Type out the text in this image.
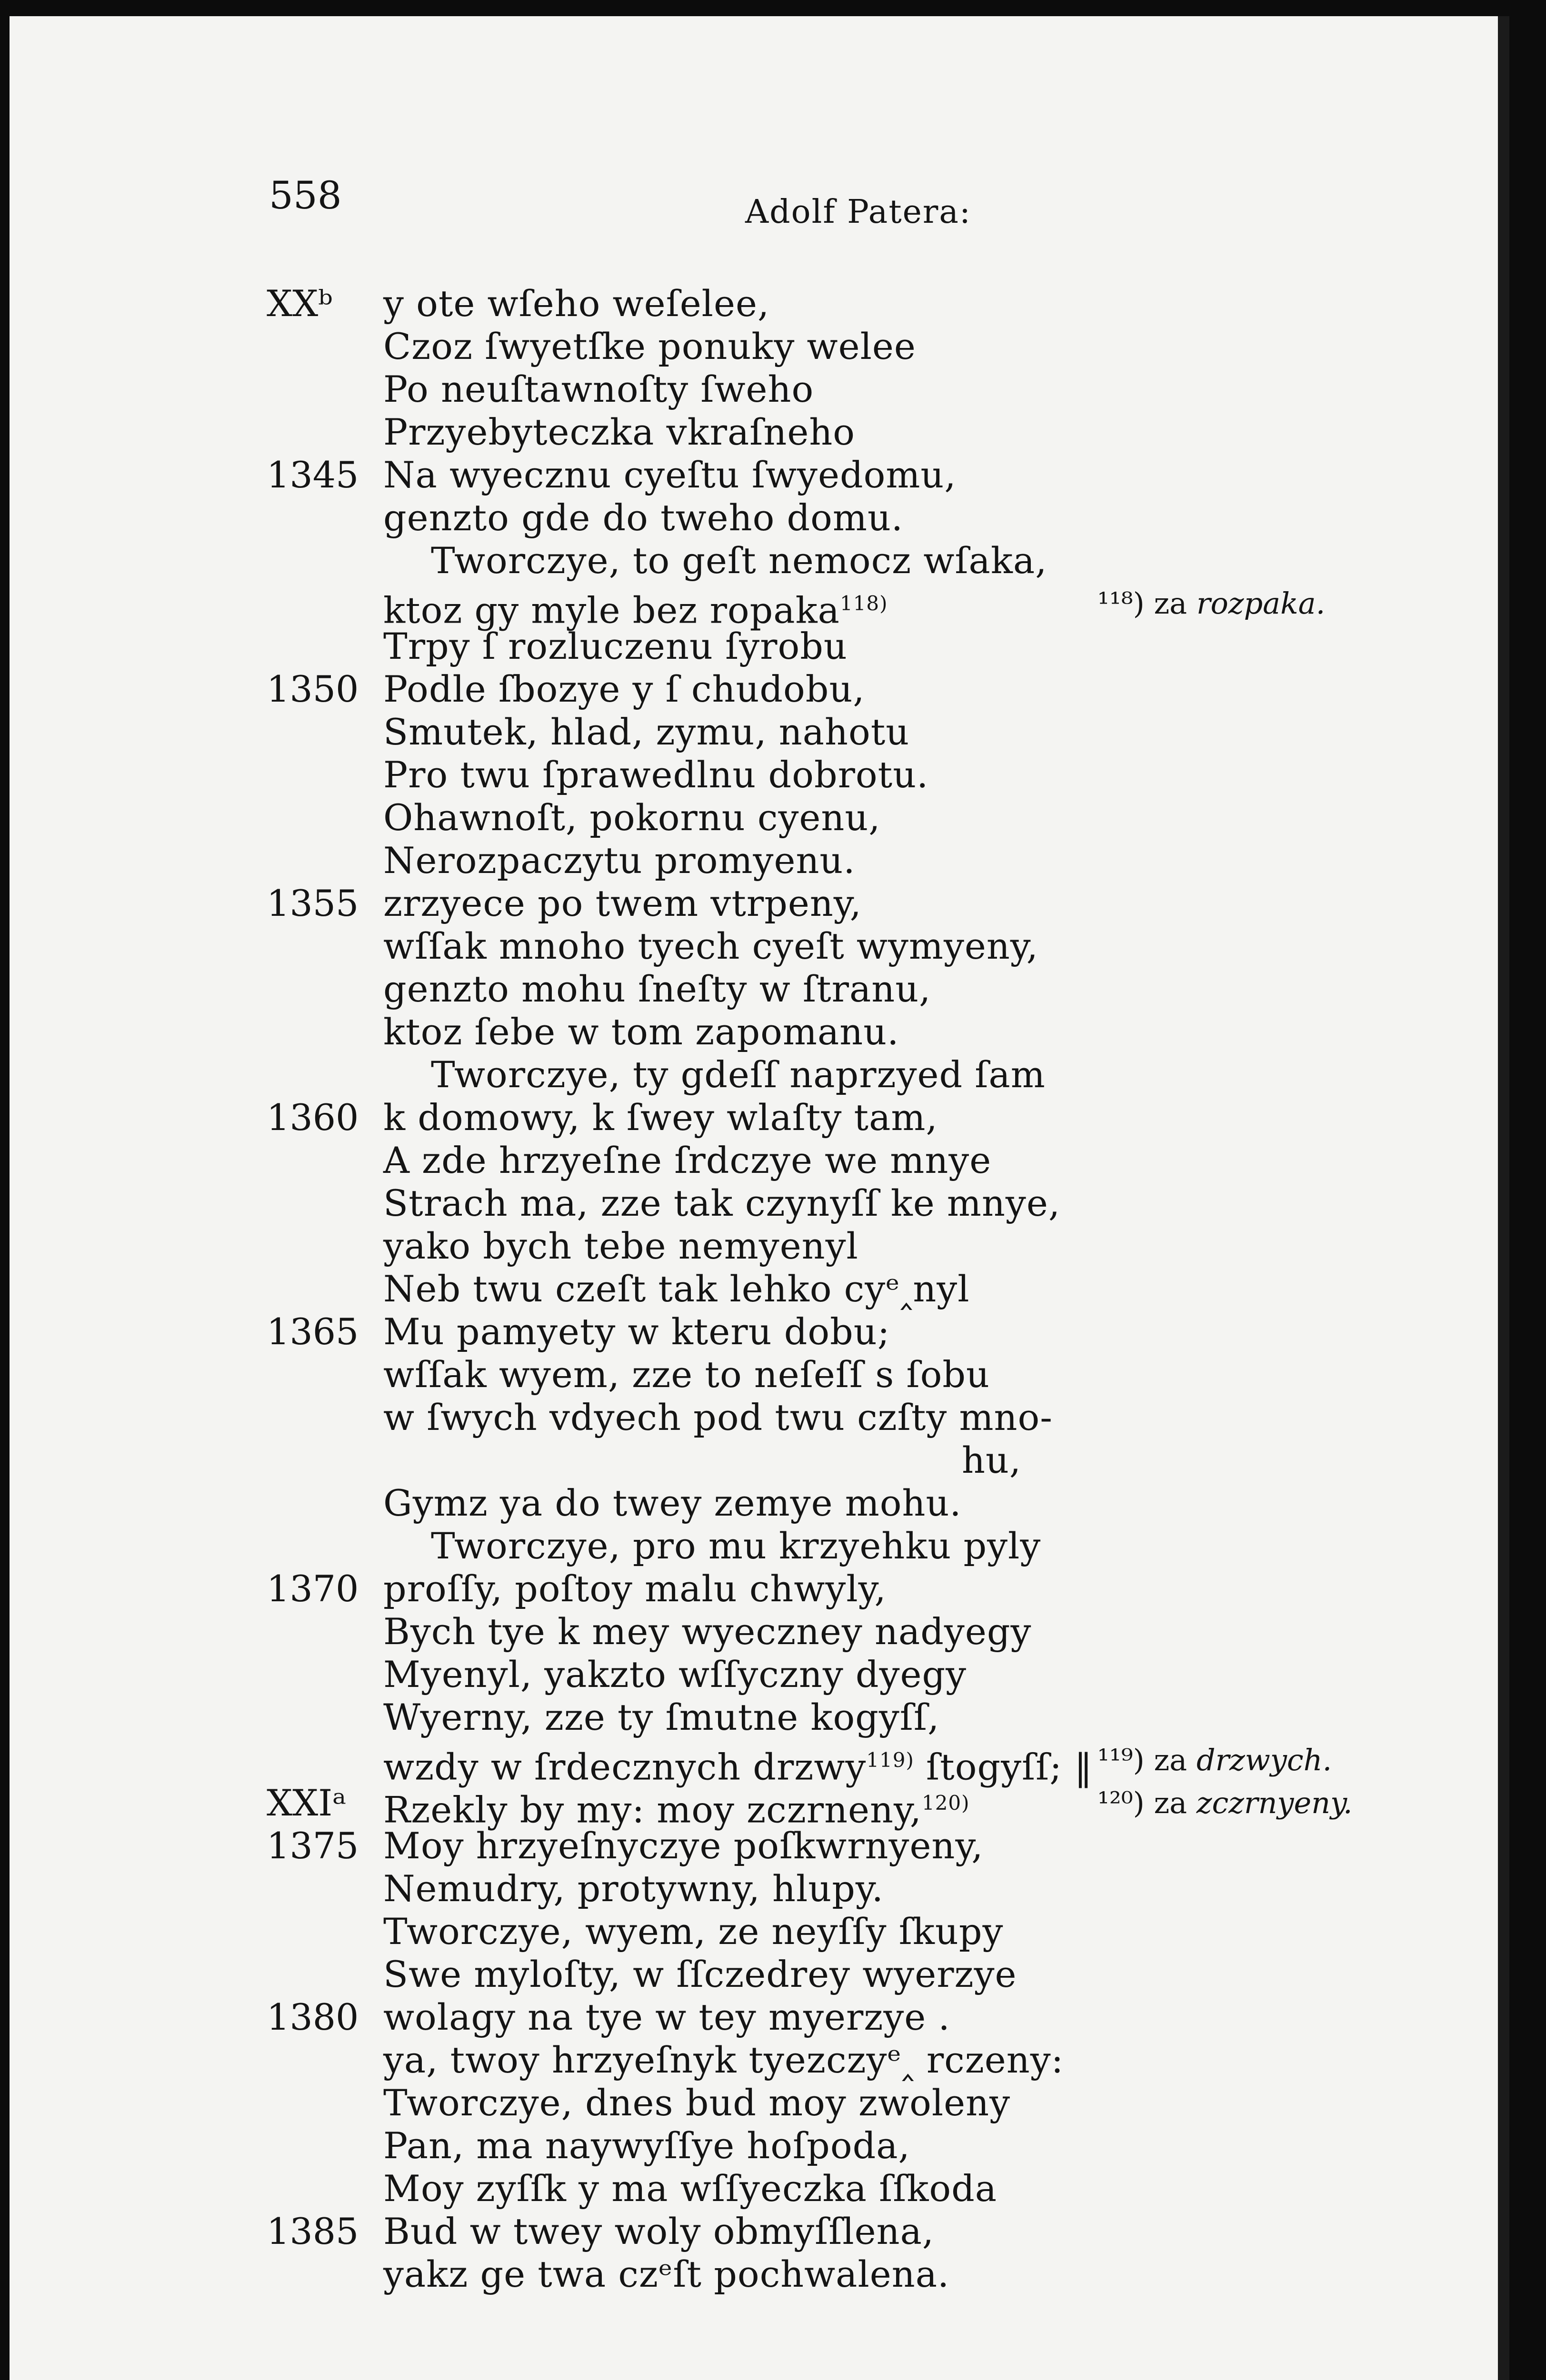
558	Adolf Patera:
XXᵇ y ote wſeho weſelee,
Czoz ſwyetſke ponuky welee
Po neuſtawnoſty ſweho
Przyebyteczka vkraſneho
1345 Na wyecznu cyeſtu ſwyedomu,
genzto gde do tweho domu.
Tworczye, to geſt nemocz wſaka,
ktoz gy myle bez ropaka$^{118)}$
Trpy ſ rozluczenu ſyrobu
1350 Podle ſbozye y ſ chudobu,
Smutek, hlad, zymu, nahotu
Pro twu ſprawedlnu dobrotu.
Ohawnoſt, pokornu cyenu,
Nerozpaczytu promyenu.
1355 zrzyece po twem vtrpeny,
wſſak mnoho tyech cyeſt wymyeny,
genzto mohu ſneſty w ſtranu,
ktoz ſebe w tom zapomanu.
Tworczye, ty gdeſſ naprzyed ſam
1360 k domowy, k ſwey wlaſty tam,
A zde hrzyeſne ſrdczye we mnye
Strach ma, zze tak czynyſſ ke mnye,
yako bych tebe nemyenyl
Neb twu czeſt tak lehko cyᵉ‸nyl
1365 Mu pamyety w kteru dobu;
wſſak wyem, zze to neſeſſ s ſobu
w ſwych vdyech pod twu czſty mno-
hu,
Gymz ya do twey zemye mohu.
Tworczye, pro mu krzyehku pyly
1370 proſſy, poſtoy malu chwyly,
Bych tye k mey wyeczney nadyegy
Myenyl, yakzto wſſyczny dyegy
Wyerny, zze ty ſmutne kogyſſ,
wzdy w ſrdecznych drzwy$^{119)}$ ſtogyſſ; ‖
XXIᵃ Rzekly by my: moy zczrneny,$^{120)}$
1375 Moy hrzyeſnyczye poſkwrnyeny,
Nemudry, protywny, hlupy.
Tworczye, wyem, ze neyſſy ſkupy
Swe myloſty, w ſſczedrey wyerzye
1380 wolagy na tye w tey myerzye .
ya, twoy hrzyeſnyk tyezczyᵉ‸ rczeny:
Tworczye, dnes bud moy zwoleny
Pan, ma naywyſſye hoſpoda,
Moy zyſſk y ma wſſyeczka ſſkoda
1385 Bud w twey woly obmyſſlena,
yakz ge twa czᵉſt pochwalena.
¹¹⁸) za rozpaka.
¹¹⁹) za drzwych.
¹²⁰) za zczrnyeny.
